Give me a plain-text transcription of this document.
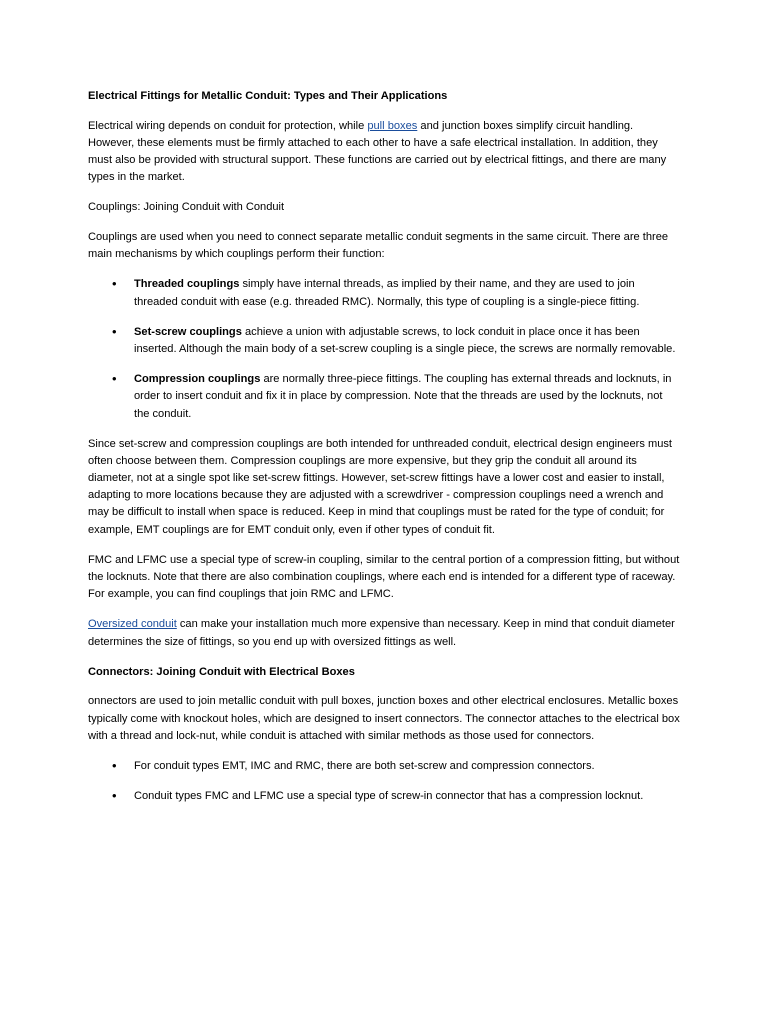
Electrical Fittings for Metallic Conduit: Types and Their Applications

Electrical wiring depends on conduit for protection, while pull boxes and junction boxes simplify circuit handling. However, these elements must be firmly attached to each other to have a safe electrical installation. In addition, they must also be provided with structural support. These functions are carried out by electrical fittings, and there are many types in the market.

Couplings: Joining Conduit with Conduit

Couplings are used when you need to connect separate metallic conduit segments in the same circuit. There are three main mechanisms by which couplings perform their function:

• Threaded couplings simply have internal threads, as implied by their name, and they are used to join threaded conduit with ease (e.g. threaded RMC). Normally, this type of coupling is a single-piece fitting.
• Set-screw couplings achieve a union with adjustable screws, to lock conduit in place once it has been inserted. Although the main body of a set-screw coupling is a single piece, the screws are normally removable.
• Compression couplings are normally three-piece fittings. The coupling has external threads and locknuts, in order to insert conduit and fix it in place by compression. Note that the threads are used by the locknuts, not the conduit.

Since set-screw and compression couplings are both intended for unthreaded conduit, electrical design engineers must often choose between them. Compression couplings are more expensive, but they grip the conduit all around its diameter, not at a single spot like set-screw fittings. However, set-screw fittings have a lower cost and easier to install, adapting to more locations because they are adjusted with a screwdriver - compression couplings need a wrench and may be difficult to install when space is reduced. Keep in mind that couplings must be rated for the type of conduit; for example, EMT couplings are for EMT conduit only, even if other types of conduit fit.

FMC and LFMC use a special type of screw-in coupling, similar to the central portion of a compression fitting, but without the locknuts. Note that there are also combination couplings, where each end is intended for a different type of raceway. For example, you can find couplings that join RMC and LFMC.

Oversized conduit can make your installation much more expensive than necessary. Keep in mind that conduit diameter determines the size of fittings, so you end up with oversized fittings as well.

Connectors: Joining Conduit with Electrical Boxes

onnectors are used to join metallic conduit with pull boxes, junction boxes and other electrical enclosures. Metallic boxes typically come with knockout holes, which are designed to insert connectors. The connector attaches to the electrical box with a thread and lock-nut, while conduit is attached with similar methods as those used for connectors.

• For conduit types EMT, IMC and RMC, there are both set-screw and compression connectors.
• Conduit types FMC and LFMC use a special type of screw-in connector that has a compression locknut.
